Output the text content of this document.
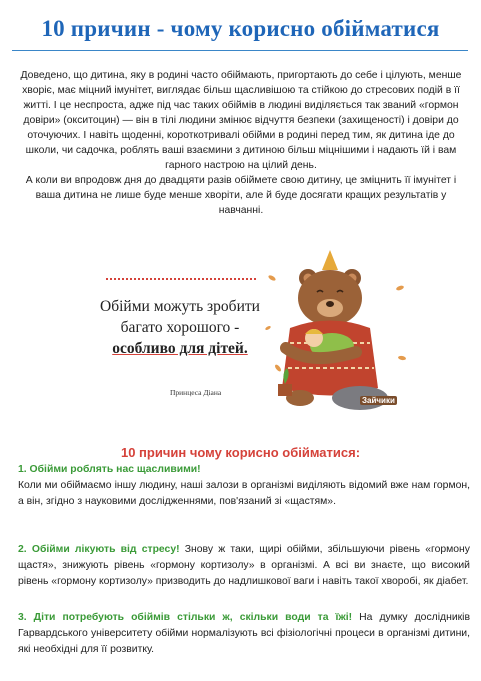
10 причин - чому корисно обійматися

Доведено, що дитина, яку в родині часто обіймають, пригортають до себе і цілують, менше хворіє, має міцний імунітет, виглядає більш щасливішою та стійкою до стресових подій в її житті. І це неспроста, адже під час таких обіймів в людині виділяється так званий «гормон довіри» (окситоцин) — він в тілі людини змінює відчуття безпеки (захищеності) і довіри до оточуючих. І навіть щоденні, короткотривалі обійми в родині перед тим, як дитина іде до школи, чи садочка, роблять ваші взаємини з дитиною більш міцнішими і надають їй і вам гарного настрою на цілий день.

А коли ви впродовж дня до двадцяти разів обіймете свою дитину, це зміцнить її імунітет і ваша дитина не лише буде менше хворіти, але й буде досягати кращих результатів у навчанні.

Обійми можуть зробити багато хорошого - особливо для дітей.
Принцеса Діана
Зайчики
10 причин чому корисно обійматися:
1. Обійми роблять нас щасливими!

Коли ми обіймаємо іншу людину, наші залози в організмі виділяють відомий вже нам гормон, а він, згідно з науковими дослідженнями, пов'язаний зі «щастям».

2. Обійми лікують від стресу! Знову ж таки, щирі обійми, збільшуючи рівень «гормону щастя», знижують рівень «гормону кортизолу» в організмі. А всі ви знаєте, що високий рівень «гормону кортизолу» призводить до надлишкової ваги і навіть такої хворобі, як діабет.

3. Діти потребують обіймів стільки ж, скільки води та їжі! На думку дослідників Гарвардського університету обійми нормалізують всі фізіологічні процеси в організмі дитини, які необхідні для її розвитку.
